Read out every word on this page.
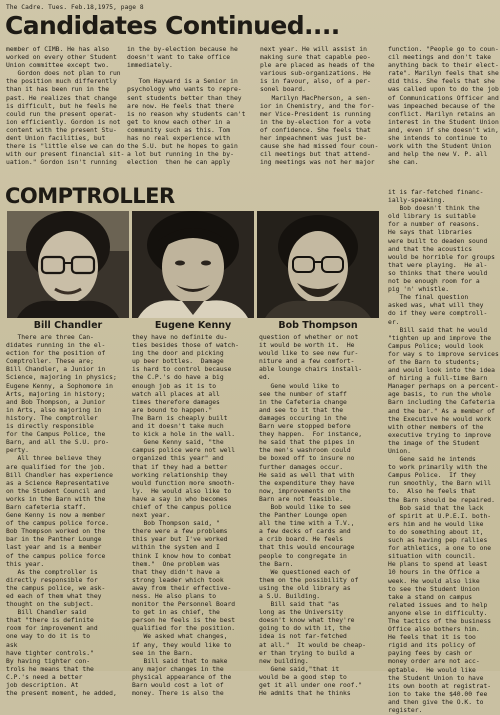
The Cadre. Tues. Feb.18,1975, page 8
Candidates Continued....
member of CIMB. He has also
worked on every other Student
Union committee except two.
Gordon does not plan to run
the position much differently
than it has been run in the
past. He realizes that change
is difficult, but he feels he
could run the present operat-
ion efficiently. Gordon is not
content with the present Stu-
dent Union facilities, but
there is "little else we can do
with our present financial sit-
uation." Gordon isn't running
in the by-election because he
doesn't want to take office
immediately.

Tom Hayward is a Senior in
psychology who wants to repre-
sent students better than they
are now. He feels that there
is no reason why students can't
get to know each other in a
community such as this. Tom
has no real experience with
the S.U. but he hopes to gain
a lot but running in the by-
election  then he can apply
next year. He will assist in
making sure that capable peo-
ple are placed as heads of the
various sub-organizations. He
is in favour, also, of a per-
sonel board.
Marilyn MacPherson, a sen-
ior in Chemistry, and the for-
mer Vice-President is running
in the by-election for a vote
of confidence. She feels that
her impeachment was just be-
cause she had missed four coun-
cil meetings but that attend-
ing meetings was not her major
function. "People go to coun-
cil meetings and don't take
anything back to their elect-
rate". Marilyn feels that she
did this. She feels that she
was called upon to do the job
of Communications Officer and
was impeached because of the
conflict. Marilyn retains an
interest in the Student Union
and, even if she doesn't win,
she intends to continue to
work with the Student Union
and help the new V. P. all
she can.
COMPTROLLER
Bill Chandler	Eugene Kenny	Bob Thompson
There are three Can-
didates running in the el-
ection for the position of
Comptroller. These are;
Bill Chandler, a Junior in
Science, majoring in physics;
Eugene Kenny, a Sophomore in
Arts, majoring in history;
and Bob Thompson, a Junior
in Arts, also majoring in
history. The comptroller
is directly responsible
for the Campus Police, the
Barn, and all the S.U. pro-
perty.
All three believe they
are qualified for the job.
Bill Chandler has experience
as a Science Representative
on the Student Council and
works in the Barn with the
Barn cafeteria staff.
Gene Kenny is now a member
of the campus police force.
Bob Thompson worked on the
bar in the Panther Lounge
last year and is a member
of the campus police force
this year.
As the comptroller is
directly responsible for
the campus police, we ask-
ed each of them what they
thought on the subject.
Bill Chandler said
that "there is definite
room for improvement and
one way to do it is to
ask
have tighter controls."
By having tighter con-
trols he means that the
C.P.'s need a better
job description. At
the present moment, he added,
they have no definite du-
ties besides those of watch-
ing the door and picking
up beer bottles.  Damage
is hard to control because
the C.P.'s do have a big
enough job as it is to
watch all places at all
times therefore damages
are bound to happen."
The Barn is cheaply built
and it doesn't take much
to kick a hole in the wall.
Gene Kenny said, "the
campus police were not well
organized this year" and
that if they had a better
working relationship they
would function more smooth-
ly.  He would also like to
have a say in who becomes
chief of the campus police
next year.
Bob Thompson said, "
there were a few problems
this year but I've worked
within the system and I
think I know how to combat
them."  One problem was
that they didn't have a
strong leader which took
away from their effective-
ness. He also plans to
monitor the Personnel Board
to get in as chief, the
person he feels is the best
qualified for the position.
We asked what changes,
if any, they would like to
see in the Barn.
Bill said that to make
any major changes in the
physical appearance of the
Barn would cost a lot of
money. There is also the
question of whether or not
it would be worth it.  He
would like to see new fur-
niture and a few comfort-
able lounge chairs install-
ed.
Gene would like to
see the number of staff
in the Cafeteria change
and see to it that the
damages occuring in the
Barn were stopped before
they happen.  For instance,
he said that the pipes in
the men's washroom could
be boxed off to insure no
further damages occur.
He said as well that with
the expenditure they have
now, improvements on the
Barn are not feasible.
Bob would like to see
the Panther Lounge open
all the time with a T.V.,
a few decks of cards and
a crib board. He feels
that this would encourage
people to congregate in
the Barn.
We questioned each of
them on the possibility of
using the old library as
a S.U. Building.
Bill said that "as
long as the University
doesn't know what they're
going to do with it, the
idea is not far-fetched
at all."  It would be cheap-
er than trying to build a
new building.
Gene said,"that it
would be a good step to
get it all under one roof."
He admits that he thinks
it is far-fetched financ-
ially-speaking.
Bob doesn't think the
old library is suitable
for a number of reasons.
He says that libraries
were built to deaden sound
and that the acoustics
would be horrible for groups
that were playing.  He al-
so thinks that there would
not be enough room for a
pig 'n' whistle.
The final question
asked was, what will they
do if they were comptroll-
er.
Bill said that he would
"tighten up and improve the
Campus Police; would look
for way s to improve services
of the Barn to students;
and would look into the idea
of hiring a full-time Barn
Manager perhaps on a percent-
age basis, to run the whole
Barn including the Cafeteria
and the bar." As a member of
the Executive he would work
with other members of the
executive trying to improve
the image of the Student
Union.
Gene said he intends
to work primarily with the
Campus Police.  If they
run smoothly, the Barn will
to.  Also he feels that
the Barn should be repaired.
Bob said that the lack
of spirit at U.P.E.I. both-
ers him and he would like
to do something about it,
such as having pep rallies
for athletics, a one to one
situation with council.
He plans to spend at least
10 hours in the Office a
week. He would also like
to see the Student Union
take a stand on campus
related issues and to help
anyone else in difficulty.
The tactics of the business
Office also bothers him.
He feels that it is too
rigid and its policy of
paying fees by cash or
money order are not acc-
eptable.  He would like
the Student Union to have
its own booth at registrat-
ion to take the $40.00 fee
and then give the O.K. to
register.
